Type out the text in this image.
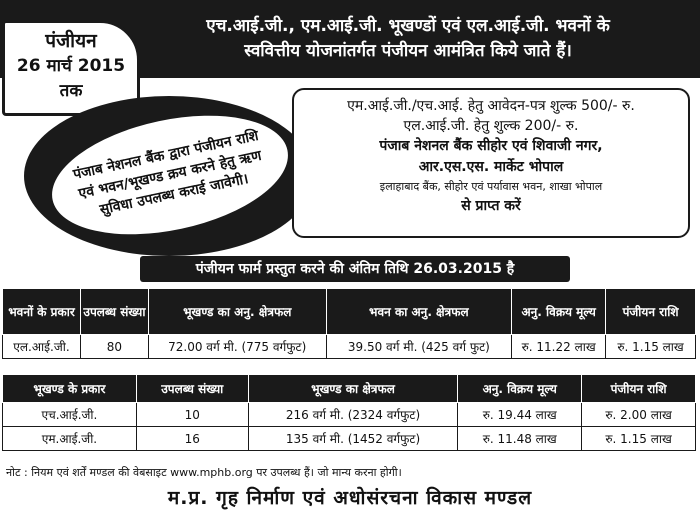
एच.आई.जी., एम.आई.जी. भूखण्डों एवं एल.आई.जी. भवनों के
स्ववित्तीय योजनांतर्गत पंजीयन आमंत्रित किये जाते हैं।
पंजीयन
26 मार्च 2015
तक
पंजाब नेशनल बैंक द्वारा पंजीयन राशि एवं भवन/भूखण्ड क्रय करने हेतु ऋण सुविधा उपलब्ध कराई जावेगी।
एम.आई.जी./एच.आई. हेतु आवेदन-पत्र शुल्क 500/- रु.
एल.आई.जी. हेतु शुल्क 200/- रु.
पंजाब नेशनल बैंक सीहोर एवं शिवाजी नगर,
आर.एस.एस. मार्केट भोपाल
इलाहाबाद बैंक, सीहोर एवं पर्यावास भवन, शाखा भोपाल
से प्राप्त करें
पंजीयन फार्म प्रस्तुत करने की अंतिम तिथि 26.03.2015 है
भवनों के प्रकार	उपलब्ध संख्या	भूखण्ड का अनु. क्षेत्रफल	भवन का अनु. क्षेत्रफल	अनु. विक्रय मूल्य	पंजीयन राशि
एल.आई.जी.	80	72.00 वर्ग मी. (775 वर्गफुट)	39.50 वर्ग मी. (425 वर्ग फुट)	रु. 11.22 लाख	रु. 1.15 लाख
भूखण्ड के प्रकार	उपलब्ध संख्या	भूखण्ड का क्षेत्रफल	अनु. विक्रय मूल्य	पंजीयन राशि
एच.आई.जी.	10	216 वर्ग मी. (2324 वर्गफुट)	रु. 19.44 लाख	रु. 2.00 लाख
एम.आई.जी.	16	135 वर्ग मी. (1452 वर्गफुट)	रु. 11.48 लाख	रु. 1.15 लाख
नोट : नियम एवं शर्तें मण्डल की वेबसाइट www.mphb.org पर उपलब्ध हैं। जो मान्य करना होगी।
म.प्र. गृह निर्माण एवं अधोसंरचना विकास मण्डल
